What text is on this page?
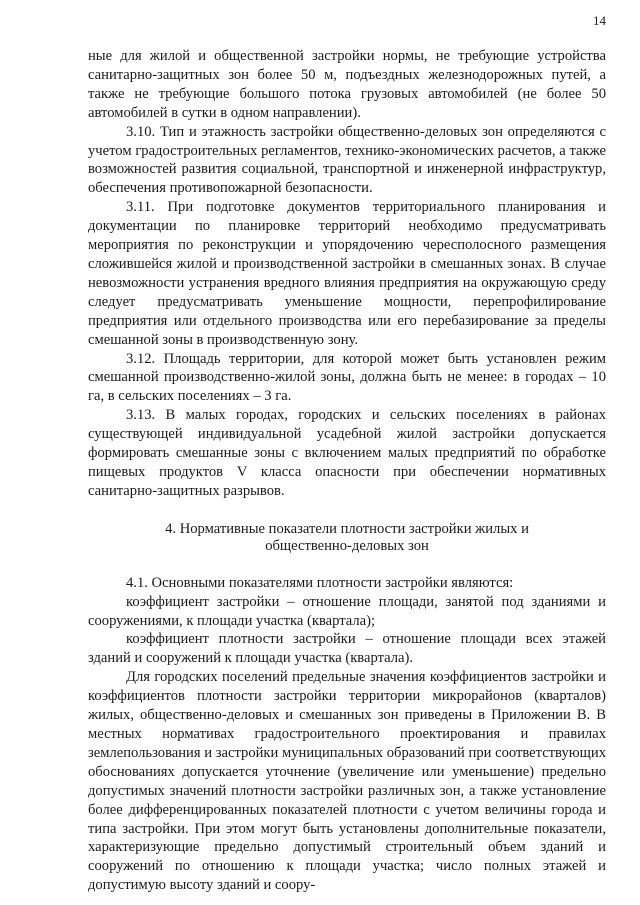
14

ные для жилой и общественной застройки нормы, не требующие устройства санитарно-защитных зон более 50 м, подъездных железнодорожных путей, а также не требующие большого потока грузовых автомобилей (не более 50 автомобилей в сутки в одном направлении).

3.10. Тип и этажность застройки общественно-деловых зон определяются с учетом градостроительных регламентов, технико-экономических расчетов, а также возможностей развития социальной, транспортной и инженерной инфраструктур, обеспечения противопожарной безопасности.

3.11. При подготовке документов территориального планирования и документации по планировке территорий необходимо предусматривать мероприятия по реконструкции и упорядочению чересполосного размещения сложившейся жилой и производственной застройки в смешанных зонах. В случае невозможности устранения вредного влияния предприятия на окружающую среду следует предусматривать уменьшение мощности, перепрофилирование предприятия или отдельного производства или его перебазирование за пределы смешанной зоны в производственную зону.

3.12. Площадь территории, для которой может быть установлен режим смешанной производственно-жилой зоны, должна быть не менее: в городах – 10 га, в сельских поселениях – 3 га.

3.13. В малых городах, городских и сельских поселениях в районах существующей индивидуальной усадебной жилой застройки допускается формировать смешанные зоны с включением малых предприятий по обработке пищевых продуктов V класса опасности при обеспечении нормативных санитарно-защитных разрывов.

4. Нормативные показатели плотности застройки жилых и
общественно-деловых зон

4.1. Основными показателями плотности застройки являются:

коэффициент застройки – отношение площади, занятой под зданиями и сооружениями, к площади участка (квартала);

коэффициент плотности застройки – отношение площади всех этажей зданий и сооружений к площади участка (квартала).

Для городских поселений предельные значения коэффициентов застройки и коэффициентов плотности застройки территории микрорайонов (кварталов) жилых, общественно-деловых и смешанных зон приведены в Приложении В. В местных нормативах градостроительного проектирования и правилах землепользования и застройки муниципальных образований при соответствующих обоснованиях допускается уточнение (увеличение или уменьшение) предельно допустимых значений плотности застройки различных зон, а также установление более дифференцированных показателей плотности с учетом величины города и типа застройки. При этом могут быть установлены дополнительные показатели, характеризующие предельно допустимый строительный объем зданий и сооружений по отношению к площади участка; число полных этажей и допустимую высоту зданий и соору-
